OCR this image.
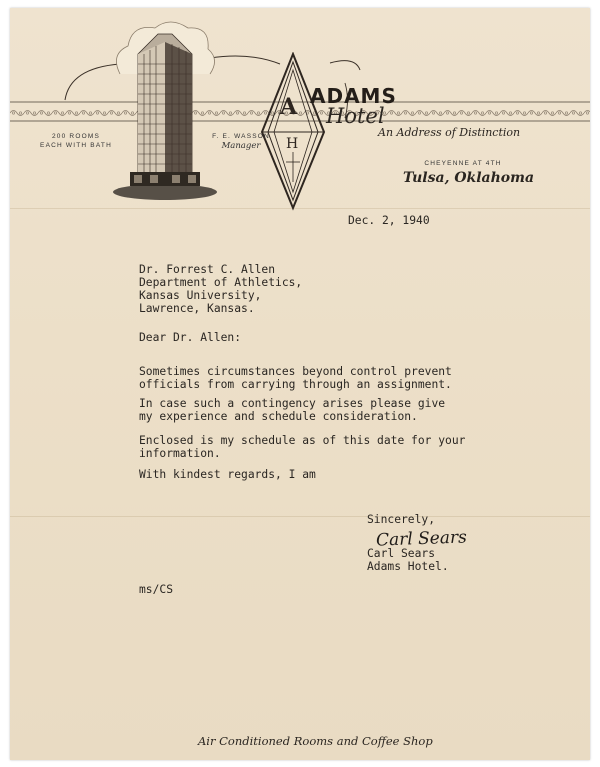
A
H
ADAMS
Hotel
An Address of Distinction
200 ROOMS
EACH WITH BATH
F. E. WASSON
Manager
CHEYENNE AT 4TH
Tulsa, Oklahoma
Dec. 2, 1940
Dr. Forrest C. Allen
Department of Athletics,
Kansas University,
Lawrence, Kansas.
Dear Dr. Allen:
Sometimes circumstances beyond control prevent
officials from carrying through an assignment.
In case such a contingency arises please give
my experience and schedule consideration.
Enclosed is my schedule as of this date for your
information.
With kindest regards, I am
Sincerely,
Carl Sears
Carl Sears
Adams Hotel.
ms/CS
Air Conditioned Rooms and Coffee Shop
